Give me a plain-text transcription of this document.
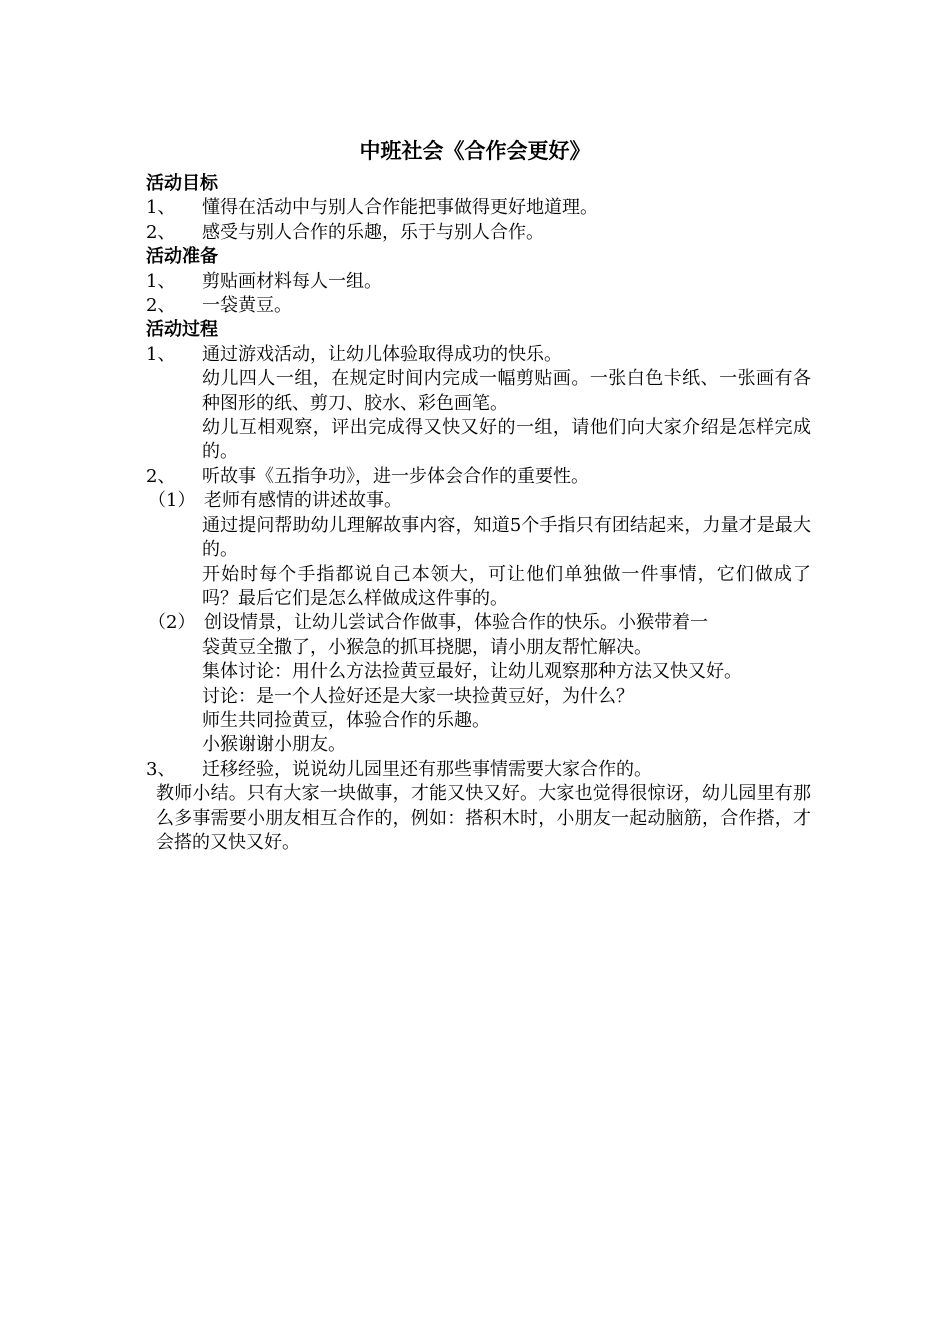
中班社会《合作会更好》
活动目标
1、 懂得在活动中与别人合作能把事做得更好地道理。
2、 感受与别人合作的乐趣，乐于与别人合作。
活动准备
1、 剪贴画材料每人一组。
2、 一袋黄豆。
活动过程
1、 通过游戏活动，让幼儿体验取得成功的快乐。
幼儿四人一组，在规定时间内完成一幅剪贴画。一张白色卡纸、一张画有各种图形的纸、剪刀、胶水、彩色画笔。
幼儿互相观察，评出完成得又快又好的一组，请他们向大家介绍是怎样完成的。
2、 听故事《五指争功》，进一步体会合作的重要性。
（1） 老师有感情的讲述故事。
通过提问帮助幼儿理解故事内容，知道5个手指只有团结起来，力量才是最大的。
开始时每个手指都说自己本领大，可让他们单独做一件事情，它们做成了吗？最后它们是怎么样做成这件事的。
（2） 创设情景，让幼儿尝试合作做事，体验合作的快乐。小猴带着一
袋黄豆全撒了，小猴急的抓耳挠腮，请小朋友帮忙解决。
集体讨论：用什么方法捡黄豆最好，让幼儿观察那种方法又快又好。
讨论：是一个人捡好还是大家一块捡黄豆好，为什么？
师生共同捡黄豆，体验合作的乐趣。
小猴谢谢小朋友。
3、 迁移经验，说说幼儿园里还有那些事情需要大家合作的。
教师小结。只有大家一块做事，才能又快又好。大家也觉得很惊讶，幼儿园里有那么多事需要小朋友相互合作的，例如：搭积木时，小朋友一起动脑筋，合作搭，才会搭的又快又好。
